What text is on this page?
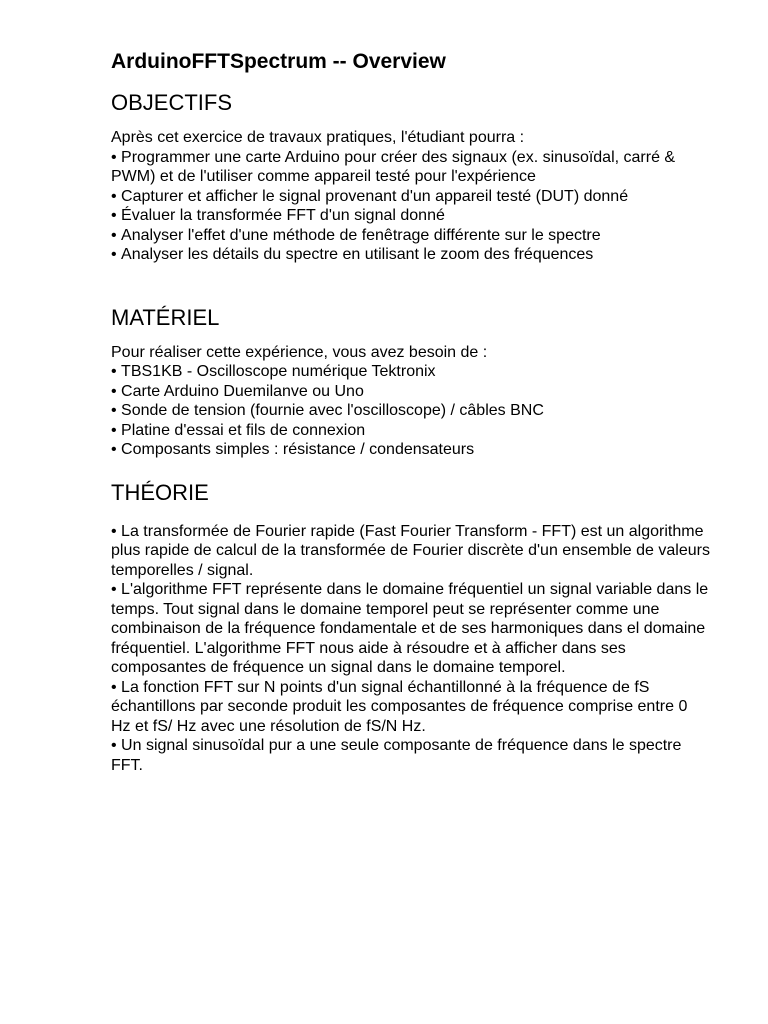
ArduinoFFTSpectrum -- Overview
OBJECTIFS

Après cet exercice de travaux pratiques, l'étudiant pourra :

• Programmer une carte Arduino pour créer des signaux (ex. sinusoïdal, carré & PWM) et de l'utiliser comme appareil testé pour l'expérience
• Capturer et afficher le signal provenant d'un appareil testé (DUT) donné
• Évaluer la transformée FFT d'un signal donné
• Analyser l'effet d'une méthode de fenêtrage différente sur le spectre
• Analyser les détails du spectre en utilisant le zoom des fréquences
MATÉRIEL

Pour réaliser cette expérience, vous avez besoin de :

• TBS1KB - Oscilloscope numérique Tektronix
• Carte Arduino Duemilanve ou Uno
• Sonde de tension (fournie avec l'oscilloscope) / câbles BNC
• Platine d'essai et fils de connexion
• Composants simples : résistance / condensateurs
THÉORIE
• La transformée de Fourier rapide (Fast Fourier Transform - FFT) est un algorithme plus rapide de calcul de la transformée de Fourier discrète d'un ensemble de valeurs temporelles / signal.
• L'algorithme FFT représente dans le domaine fréquentiel un signal variable dans le temps. Tout signal dans le domaine temporel peut se représenter comme une combinaison de la fréquence fondamentale et de ses harmoniques dans el domaine fréquentiel. L'algorithme FFT nous aide à résoudre et à afficher dans ses composantes de fréquence un signal dans le domaine temporel.
• La fonction FFT sur N points d'un signal échantillonné à la fréquence de fS échantillons par seconde produit les composantes de fréquence comprise entre 0 Hz et fS/ Hz avec une résolution de fS/N Hz.
• Un signal sinusoïdal pur a une seule composante de fréquence dans le spectre FFT.
